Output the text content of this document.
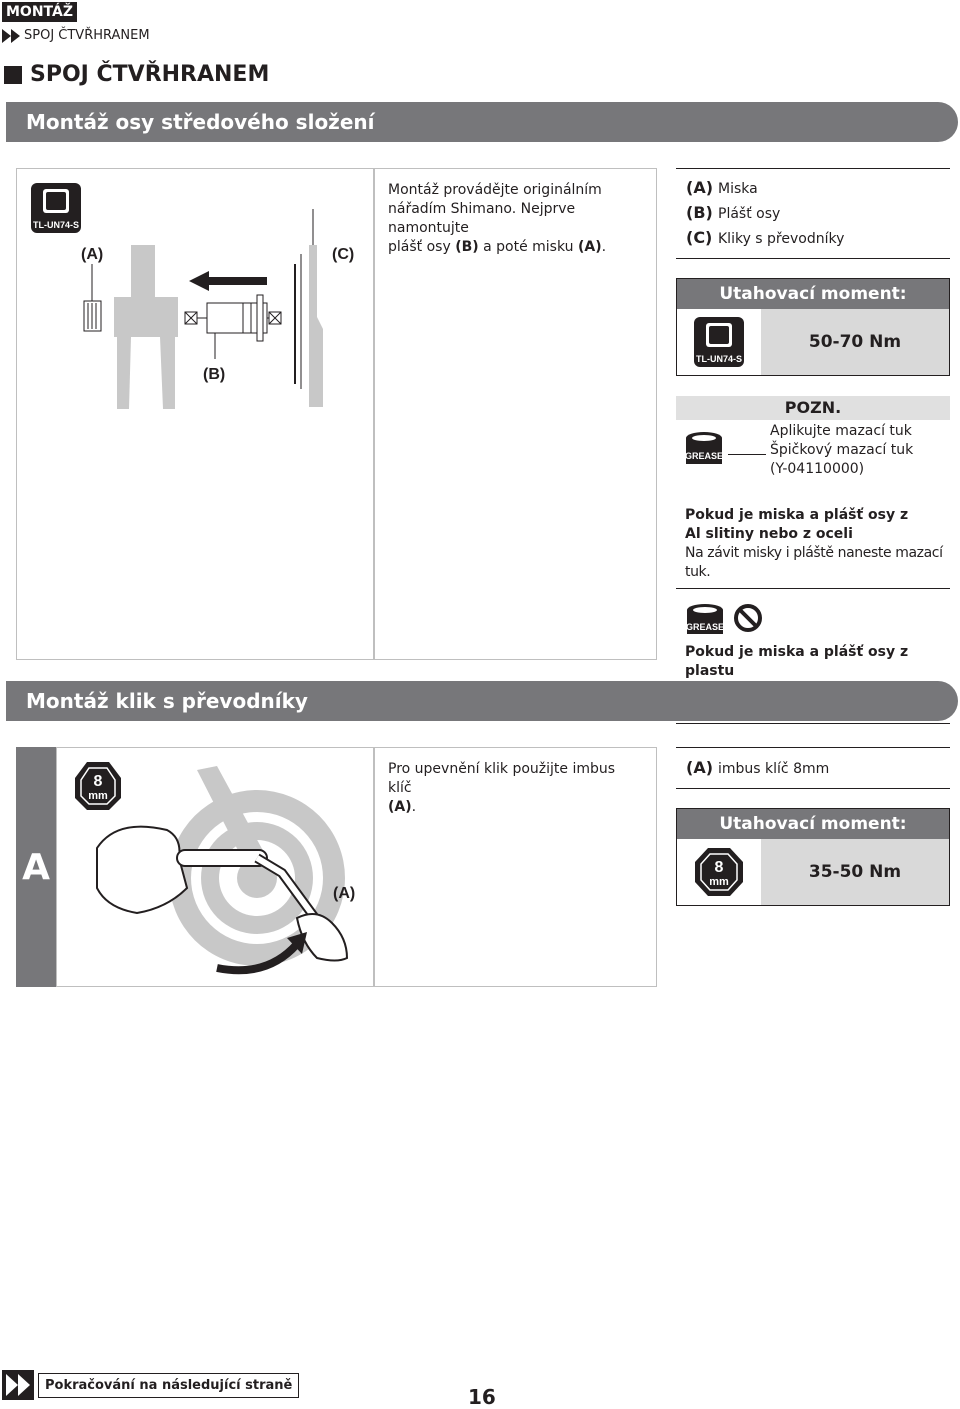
MONTÁŽ
SPOJ ČTVŘHRANEM
SPOJ ČTVŘHRANEM
Montáž osy středového složení
TL-UN74-S
(A)	(C)
(B)
Montáž provádějte originálním
nářadím Shimano. Nejprve namontujte
plášť osy (B) a poté misku (A).
(A) Miska
(B) Plášť osy
(C) Kliky s převodníky
Utahovací moment:
TL-UN74-S
50-70 Nm
POZN.
GREASE
Aplikujte mazací tuk
Špičkový mazací tuk
(Y-04110000)
Pokud je miska a plášť osy z Al slitiny nebo z oceli
Na závit misky i pláště naneste mazací tuk.
GREASE
Pokud je miska a plášť osy z plastu
Montáž klik s převodníky
A
8
mm
(A)
Pro upevnění klik použijte imbus klíč
(A).
(A) imbus klíč 8mm
Utahovací moment:
8
mm	35-50 Nm
Pokračování na následující straně	16
